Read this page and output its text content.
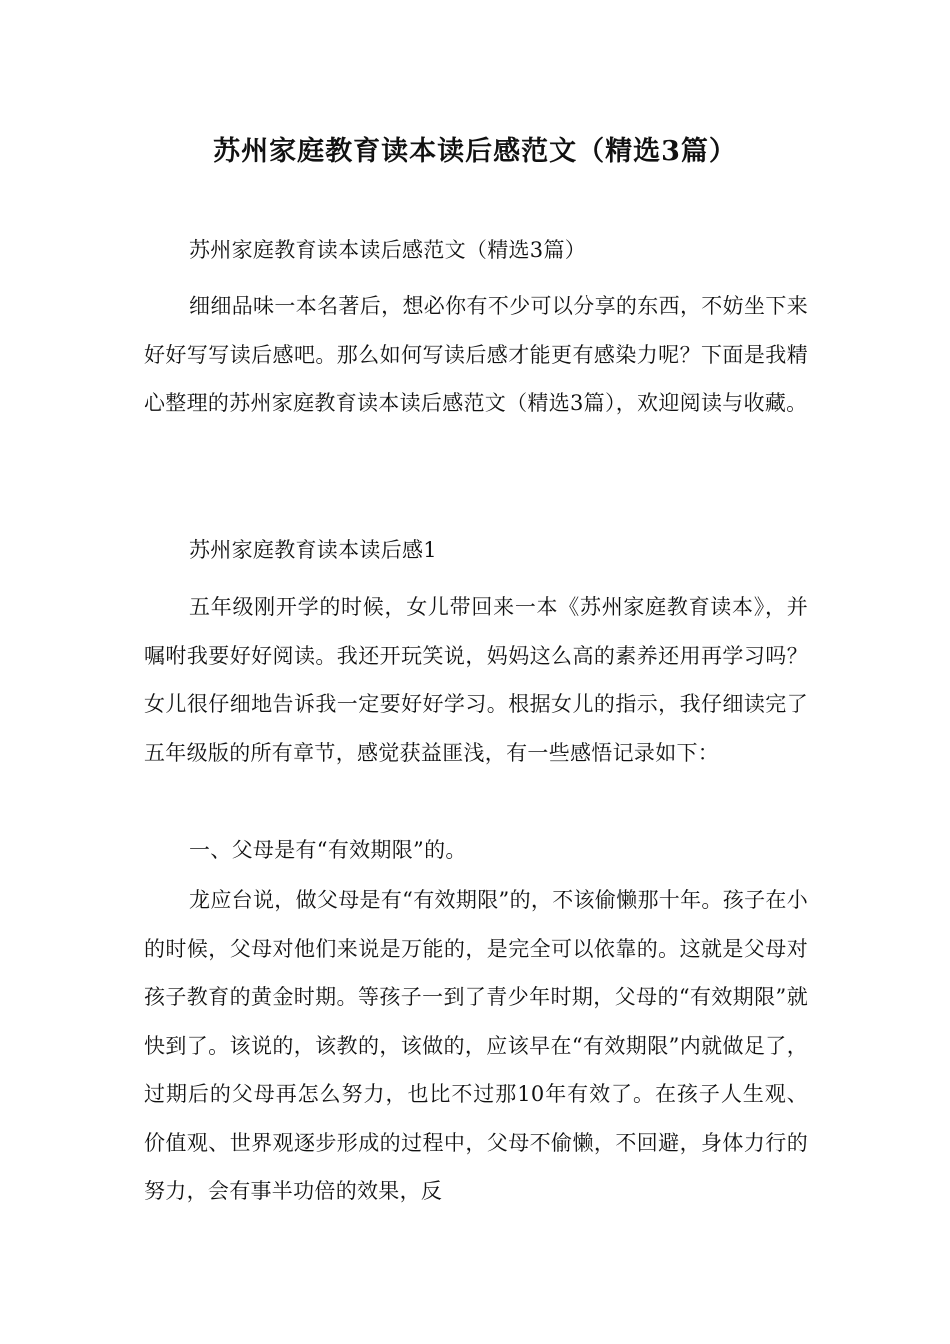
苏州家庭教育读本读后感范文（精选3篇）

苏州家庭教育读本读后感范文（精选3篇）

细细品味一本名著后，想必你有不少可以分享的东西，不妨坐下来好好写写读后感吧。那么如何写读后感才能更有感染力呢？下面是我精心整理的苏州家庭教育读本读后感范文（精选3篇），欢迎阅读与收藏。

苏州家庭教育读本读后感1

五年级刚开学的时候，女儿带回来一本《苏州家庭教育读本》，并嘱咐我要好好阅读。我还开玩笑说，妈妈这么高的素养还用再学习吗？女儿很仔细地告诉我一定要好好学习。根据女儿的指示，我仔细读完了五年级版的所有章节，感觉获益匪浅，有一些感悟记录如下：

一、父母是有“有效期限”的。

龙应台说，做父母是有“有效期限”的，不该偷懒那十年。孩子在小的时候，父母对他们来说是万能的，是完全可以依靠的。这就是父母对孩子教育的黄金时期。等孩子一到了青少年时期，父母的“有效期限”就快到了。该说的，该教的，该做的，应该早在“有效期限”内就做足了，过期后的父母再怎么努力，也比不过那10年有效了。在孩子人生观、价值观、世界观逐步形成的过程中，父母不偷懒，不回避，身体力行的努力，会有事半功倍的效果，反
